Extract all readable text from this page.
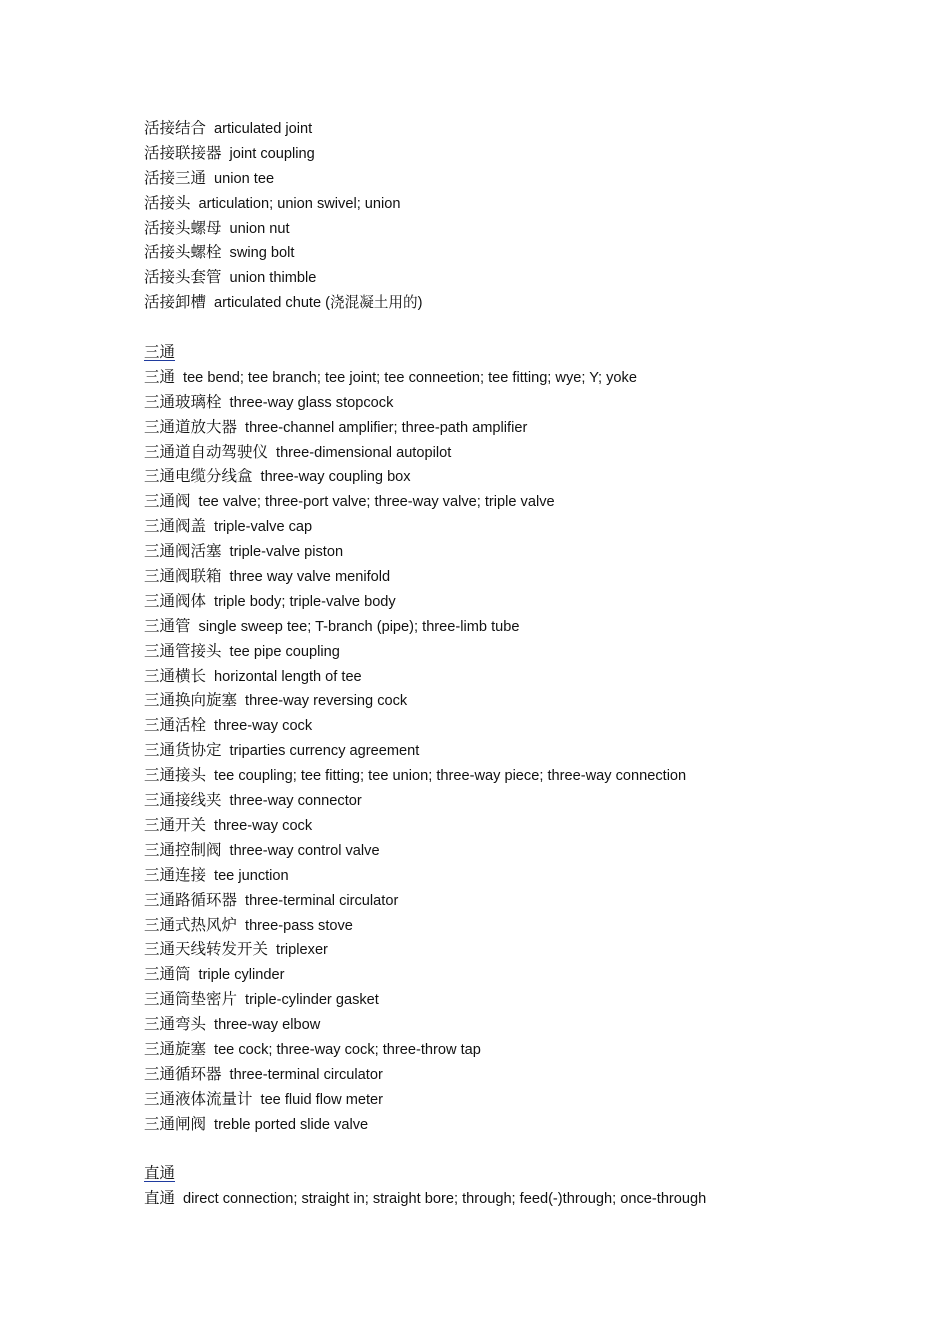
活接结合 articulated joint
活接联接器 joint coupling
活接三通 union tee
活接头 articulation; union swivel; union
活接头螺母 union nut
活接头螺栓 swing bolt
活接头套管 union thimble
活接卸槽 articulated chute (浇混凝土用的)
三通
三通 tee bend; tee branch; tee joint; tee conneetion; tee fitting; wye; Y; yoke
三通玻璃栓 three-way glass stopcock
三通道放大器 three-channel amplifier; three-path amplifier
三通道自动驾驶仪 three-dimensional autopilot
三通电缆分线盒 three-way coupling box
三通阀 tee valve; three-port valve; three-way valve; triple valve
三通阀盖 triple-valve cap
三通阀活塞 triple-valve piston
三通阀联箱 three way valve menifold
三通阀体 triple body; triple-valve body
三通管 single sweep tee; T-branch (pipe); three-limb tube
三通管接头 tee pipe coupling
三通横长 horizontal length of tee
三通换向旋塞 three-way reversing cock
三通活栓 three-way cock
三通货协定 triparties currency agreement
三通接头 tee coupling; tee fitting; tee union; three-way piece; three-way connection
三通接线夹 three-way connector
三通开关 three-way cock
三通控制阀 three-way control valve
三通连接 tee junction
三通路循环器 three-terminal circulator
三通式热风炉 three-pass stove
三通天线转发开关 triplexer
三通筒 triple cylinder
三通筒垫密片 triple-cylinder gasket
三通弯头 three-way elbow
三通旋塞 tee cock; three-way cock; three-throw tap
三通循环器 three-terminal circulator
三通液体流量计 tee fluid flow meter
三通闸阀 treble ported slide valve
直通
直通 direct connection; straight in; straight bore; through; feed(-)through; once-through
